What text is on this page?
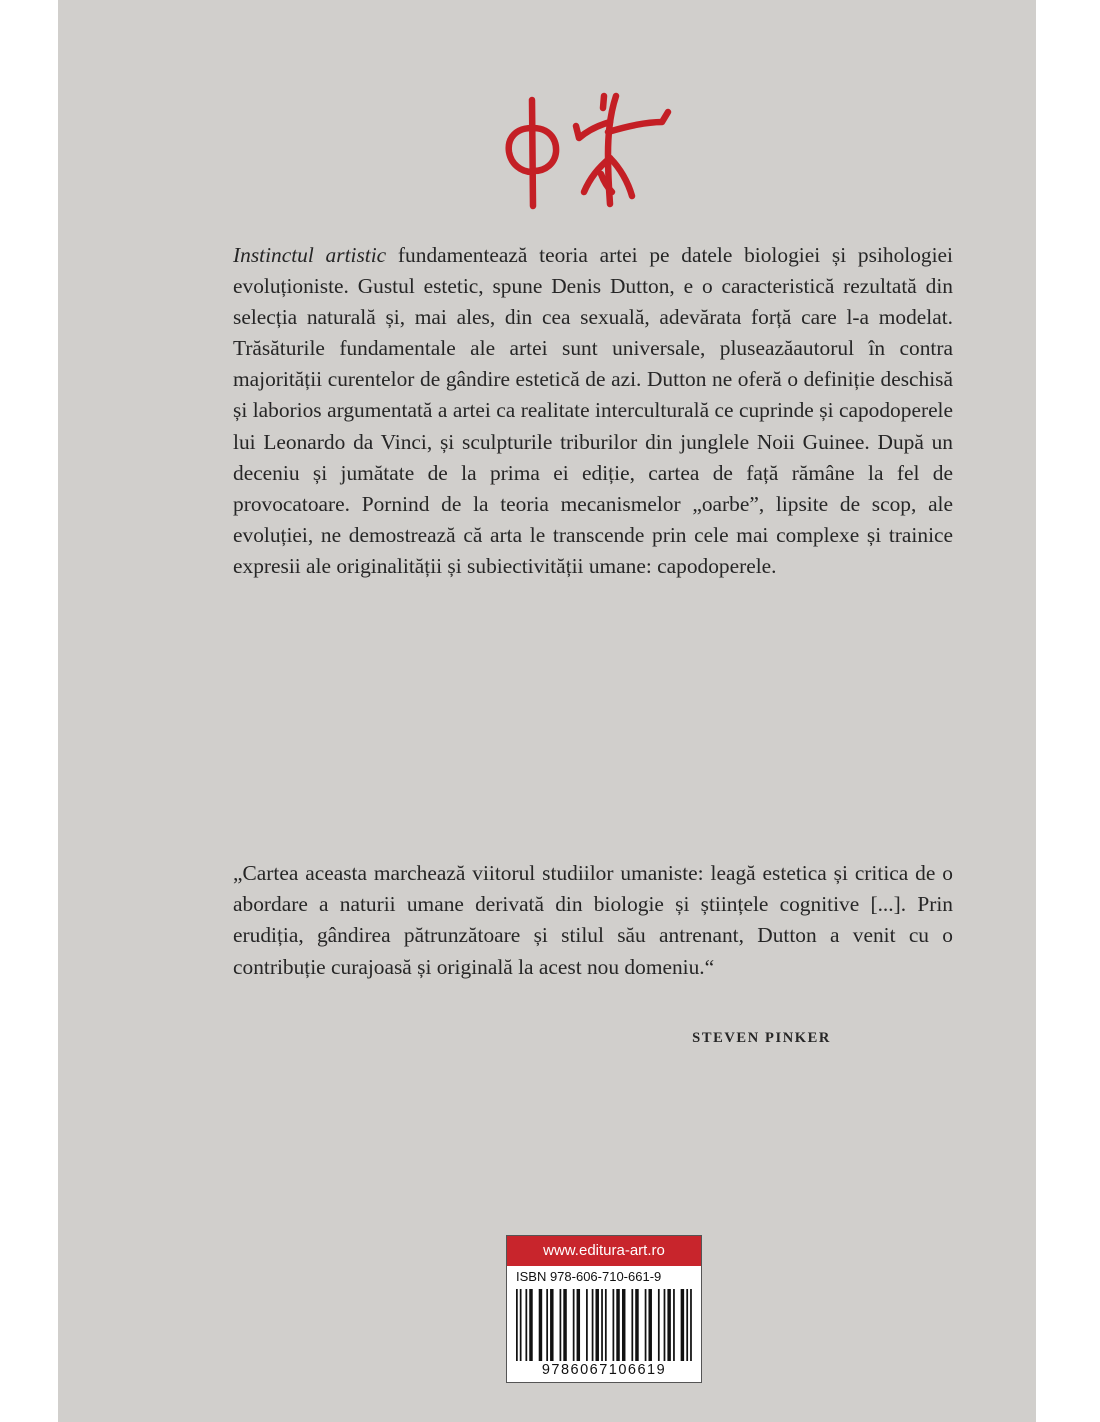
Instinctul artistic fundamentează teoria artei pe datele biologiei și psihologiei evoluționiste. Gustul estetic, spune Denis Dutton, e o caracteristică rezultată din selecția naturală și, mai ales, din cea sexuală, adevărata forță care l-a modelat. Trăsăturile fundamentale ale artei sunt universale, pluseazăautorul în contra majorității curentelor de gândire estetică de azi. Dutton ne oferă o definiție deschisă și laborios argumentată a artei ca realitate interculturală ce cuprinde și capodoperele lui Leonardo da Vinci, și sculpturile triburilor din junglele Noii Guinee. După un deceniu și jumătate de la prima ei ediție, cartea de față rămâne la fel de provocatoare. Pornind de la teoria mecanismelor „oarbe”, lipsite de scop, ale evoluției, ne demostrează că arta le transcende prin cele mai complexe și trainice expresii ale originalității și subiectivității umane: capodoperele.

„Cartea aceasta marchează viitorul studiilor umaniste: leagă estetica și critica de o abordare a naturii umane derivată din biologie și științele cognitive [...]. Prin erudiția, gândirea pătrunzătoare și stilul său antrenant, Dutton a venit cu o contribuție curajoasă și originală la acest nou domeniu.“

STEVEN PINKER

www.editura-art.ro
ISBN 978-606-710-661-9
9786067106619
